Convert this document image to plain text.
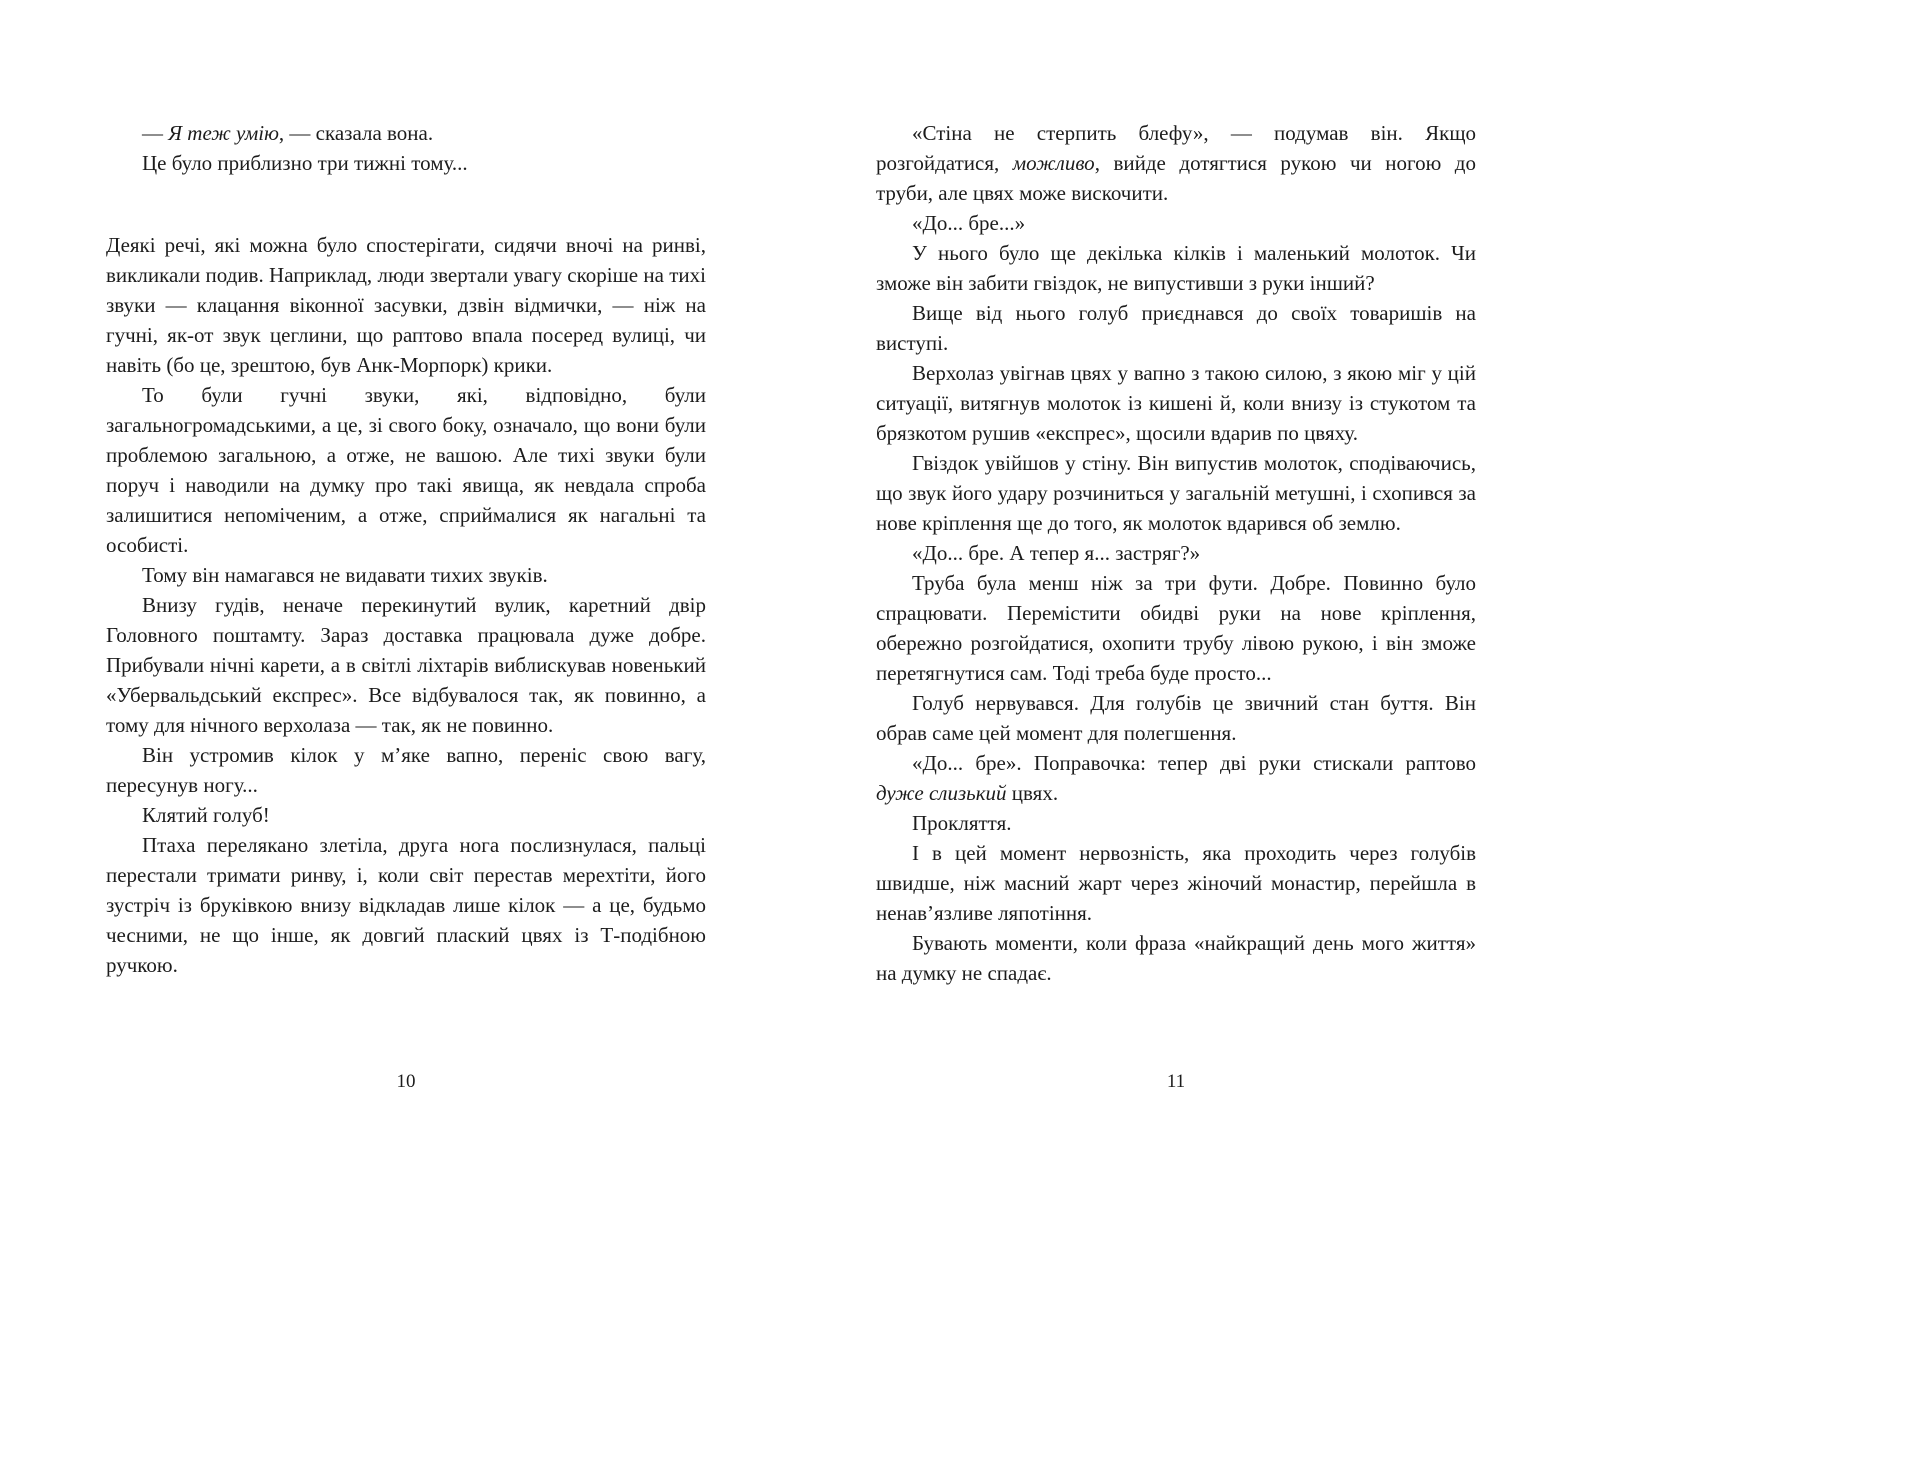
— Я теж умію, — сказала вона.

Це було приблизно три тижні тому...

Деякі речі, які можна було спостерігати, сидячи вночі на ринві, викликали подив. Наприклад, люди звертали увагу скоріше на тихі звуки — клацання віконної засувки, дзвін відмички, — ніж на гучні, як-от звук цеглини, що раптово впала посеред вулиці, чи навіть (бо це, зрештою, був Анк-Морпорк) крики.

То були гучні звуки, які, відповідно, були загальногромадськими, а це, зі свого боку, означало, що вони були проблемою загальною, а отже, не вашою. Але тихі звуки були поруч і наводили на думку про такі явища, як невдала спроба залишитися непоміченим, а отже, сприймалися як нагальні та особисті.

Тому він намагався не видавати тихих звуків.

Внизу гудів, неначе перекинутий вулик, каретний двір Головного поштамту. Зараз доставка працювала дуже добре. Прибували нічні карети, а в світлі ліхтарів виблискував новенький «Убервальдський експрес». Все відбувалося так, як повинно, а тому для нічного верхолаза — так, як не повинно.

Він устромив кілок у м’яке вапно, переніс свою вагу, пересунув ногу...

Клятий голуб!

Птаха перелякано злетіла, друга нога послизнулася, пальці перестали тримати ринву, і, коли світ перестав мерехтіти, його зустріч із бруківкою внизу відкладав лише кілок — а це, будьмо чесними, не що інше, як довгий плаский цвях із Т-подібною ручкою.

10

«Стіна не стерпить блефу», — подумав він. Якщо розгойдатися, можливо, вийде дотягтися рукою чи ногою до труби, але цвях може вискочити.

«До... бре...»

У нього було ще декілька кілків і маленький молоток. Чи зможе він забити гвіздок, не випустивши з руки інший?

Вище від нього голуб приєднався до своїх товаришів на виступі.

Верхолаз увігнав цвях у вапно з такою силою, з якою міг у цій ситуації, витягнув молоток із кишені й, коли внизу із стукотом та брязкотом рушив «експрес», щосили вдарив по цвяху.

Гвіздок увійшов у стіну. Він випустив молоток, сподіваючись, що звук його удару розчиниться у загальній метушні, і схопився за нове кріплення ще до того, як молоток вдарився об землю.

«До... бре. А тепер я... застряг?»

Труба була менш ніж за три фути. Добре. Повинно було спрацювати. Перемістити обидві руки на нове кріплення, обережно розгойдатися, охопити трубу лівою рукою, і він зможе перетягнутися сам. Тоді треба буде просто...

Голуб нервувався. Для голубів це звичний стан буття. Він обрав саме цей момент для полегшення.

«До... бре». Поправочка: тепер дві руки стискали раптово дуже слизький цвях.

Прокляття.

І в цей момент нервозність, яка проходить через голубів швидше, ніж масний жарт через жіночий монастир, перейшла в ненав’язливе ляпотіння.

Бувають моменти, коли фраза «найкращий день мого життя» на думку не спадає.

11
